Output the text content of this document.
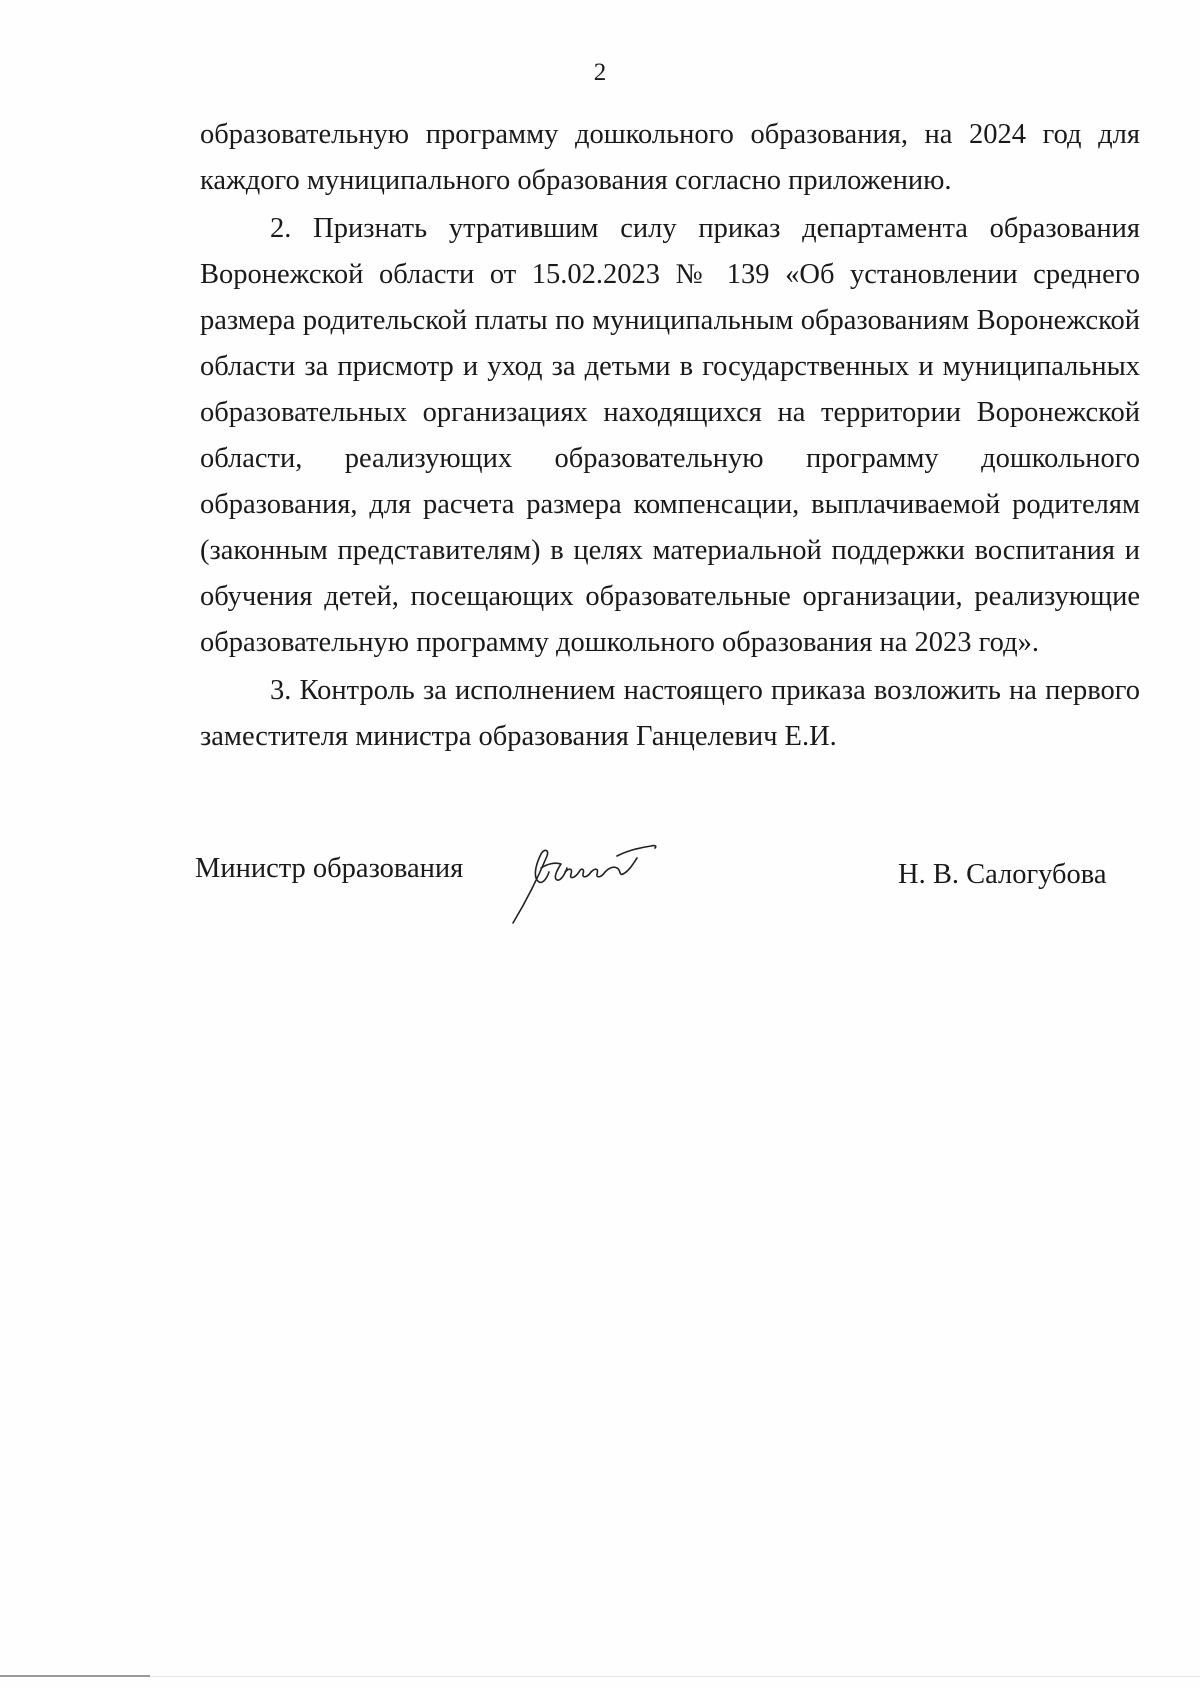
2

образовательную программу дошкольного образования, на 2024 год для каждого муниципального образования согласно приложению.

2. Признать утратившим силу приказ департамента образования Воронежской области от 15.02.2023 № 139 «Об установлении среднего размера родительской платы по муниципальным образованиям Воронежской области за присмотр и уход за детьми в государственных и муниципальных образовательных организациях находящихся на территории Воронежской области, реализующих образовательную программу дошкольного образования, для расчета размера компенсации, выплачиваемой родителям (законным представителям) в целях материальной поддержки воспитания и обучения детей, посещающих образовательные организации, реализующие образовательную программу дошкольного образования на 2023 год».

3. Контроль за исполнением настоящего приказа возложить на первого заместителя министра образования Ганцелевич Е.И.

Министр образования	Н. В. Салогубова
